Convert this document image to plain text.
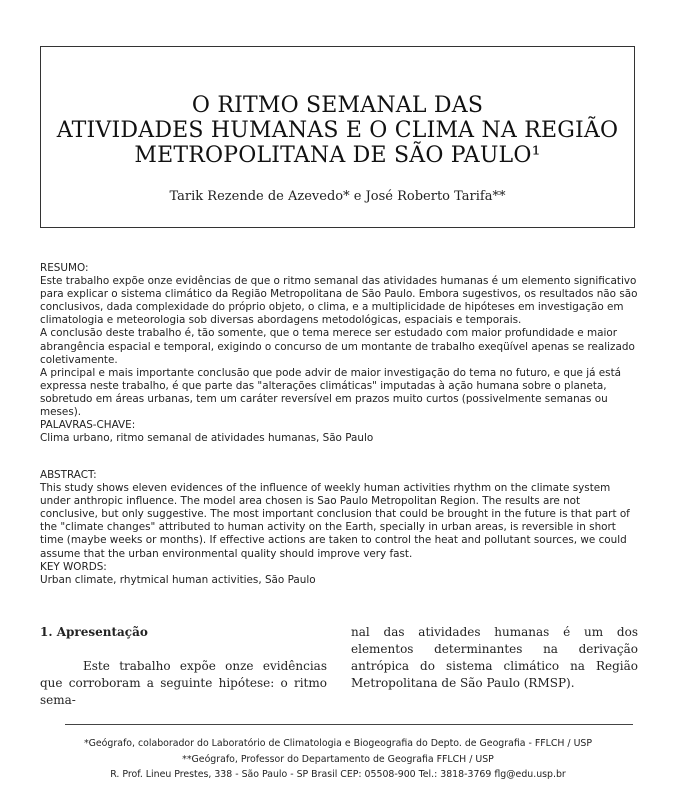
O RITMO SEMANAL DAS
ATIVIDADES HUMANAS E O CLIMA NA REGIÃO
METROPOLITANA DE SÃO PAULO¹
Tarik Rezende de Azevedo* e José Roberto Tarifa**
RESUMO:

Este trabalho expõe onze evidências de que o ritmo semanal das atividades humanas é um elemento significativo para explicar o sistema climático da Região Metropolitana de São Paulo. Embora sugestivos, os resultados não são conclusivos, dada complexidade do próprio objeto, o clima, e a multiplicidade de hipóteses em investigação em climatologia e meteorologia sob diversas abordagens metodológicas, espaciais e temporais.

A conclusão deste trabalho é, tão somente, que o tema merece ser estudado com maior profundidade e maior abrangência espacial e temporal, exigindo o concurso de um montante de trabalho exeqüível apenas se realizado coletivamente.

A principal e mais importante conclusão que pode advir de maior investigação do tema no futuro, e que já está expressa neste trabalho, é que parte das "alterações climáticas" imputadas à ação humana sobre o planeta, sobretudo em áreas urbanas, tem um caráter reversível em prazos muito curtos (possivelmente semanas ou meses).

PALAVRAS-CHAVE:

Clima urbano, ritmo semanal de atividades humanas, São Paulo

ABSTRACT:

This study shows eleven evidences of the influence of weekly human activities rhythm on the climate system under anthropic influence. The model area chosen is Sao Paulo Metropolitan Region. The results are not conclusive, but only suggestive. The most important conclusion that could be brought in the future is that part of the "climate changes" attributed to human activity on the Earth, specially in urban areas, is reversible in short time (maybe weeks or months). If effective actions are taken to control the heat and pollutant sources, we could assume that the urban environmental quality should improve very fast.

KEY WORDS:

Urban climate, rhytmical human activities, São Paulo

1. Apresentação

Este trabalho expõe onze evidências que corroboram a seguinte hipótese: o ritmo sema-

nal das atividades humanas é um dos elementos determinantes na derivação antrópica do sistema climático na Região Metropolitana de São Paulo (RMSP).

*Geógrafo, colaborador do Laboratório de Climatologia e Biogeografia do Depto. de Geografia - FFLCH / USP
**Geógrafo, Professor do Departamento de Geografia FFLCH / USP
R. Prof. Lineu Prestes, 338 - São Paulo - SP Brasil CEP: 05508-900 Tel.: 3818-3769 flg@edu.usp.br
